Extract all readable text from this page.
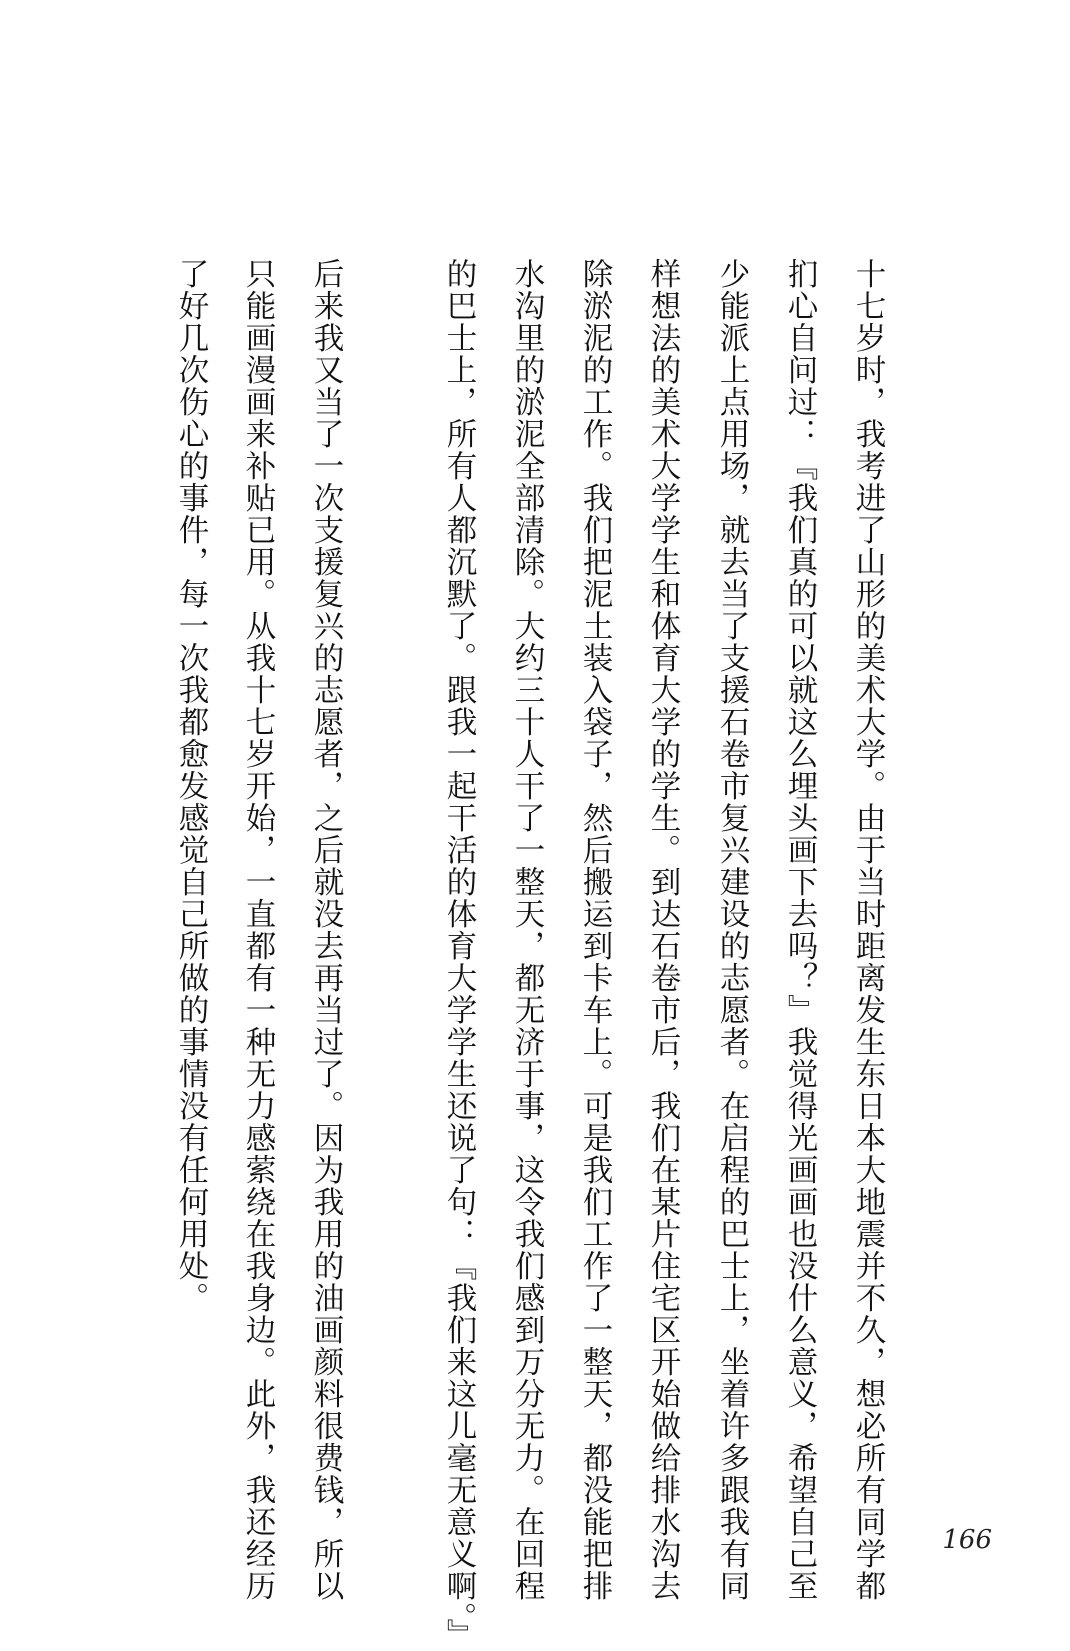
十七岁时，我考进了山形的美术大学。由于当时距离发生东日本大地震并不久，想必所有同学都

扪心自问过：『我们真的可以就这么埋头画下去吗？』我觉得光画画也没什么意义，希望自己至

少能派上点用场，就去当了支援石卷市复兴建设的志愿者。在启程的巴士上，坐着许多跟我有同

样想法的美术大学学生和体育大学的学生。到达石卷市后，我们在某片住宅区开始做给排水沟去

除淤泥的工作。我们把泥土装入袋子，然后搬运到卡车上。可是我们工作了一整天，都没能把排

水沟里的淤泥全部清除。大约三十人干了一整天，都无济于事，这令我们感到万分无力。在回程

的巴士上，所有人都沉默了。跟我一起干活的体育大学学生还说了句：『我们来这儿毫无意义啊。』

后来我又当了一次支援复兴的志愿者，之后就没去再当过了。因为我用的油画颜料很费钱，所以

只能画漫画来补贴已用。从我十七岁开始，一直都有一种无力感萦绕在我身边。此外，我还经历

了好几次伤心的事件，每一次我都愈发感觉自己所做的事情没有任何用处。

166
